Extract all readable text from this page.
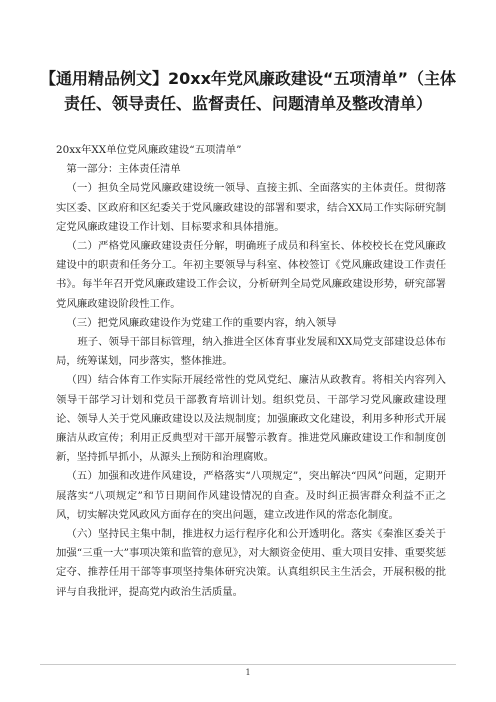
【通用精品例文】20xx年党风廉政建设“五项清单”（主体责任、领导责任、监督责任、问题清单及整改清单）

20xx年XX单位党风廉政建设“五项清单”

第一部分：主体责任清单

（一）担负全局党风廉政建设统一领导、直接主抓、全面落实的主体责任。贯彻落实区委、区政府和区纪委关于党风廉政建设的部署和要求，结合XX局工作实际研究制定党风廉政建设工作计划、目标要求和具体措施。

（二）严格党风廉政建设责任分解，明确班子成员和科室长、体校校长在党风廉政建设中的职责和任务分工。年初主要领导与科室、体校签订《党风廉政建设工作责任书》。每半年召开党风廉政建设工作会议，分析研判全局党风廉政建设形势，研究部署党风廉政建设阶段性工作。

（三）把党风廉政建设作为党建工作的重要内容，纳入领导

班子、领导干部目标管理，纳入推进全区体育事业发展和XX局党支部建设总体布局，统筹谋划，同步落实，整体推进。

（四）结合体育工作实际开展经常性的党风党纪、廉洁从政教育。将相关内容列入领导干部学习计划和党员干部教育培训计划。组织党员、干部学习党风廉政建设理论、领导人关于党风廉政建设以及法规制度；加强廉政文化建设，利用多种形式开展廉洁从政宣传；利用正反典型对干部开展警示教育。推进党风廉政建设工作和制度创新，坚持抓早抓小，从源头上预防和治理腐败。

（五）加强和改进作风建设，严格落实“八项规定”，突出解决“四风”问题，定期开展落实“八项规定”和节日期间作风建设情况的自查。及时纠正损害群众利益不正之风，切实解决党风政风方面存在的突出问题，建立改进作风的常态化制度。

（六）坚持民主集中制，推进权力运行程序化和公开透明化。落实《秦淮区委关于加强“三重一大”事项决策和监管的意见》，对大额资金使用、重大项目安排、重要奖惩定夺、推荐任用干部等事项坚持集体研究决策。认真组织民主生活会，开展积极的批评与自我批评，提高党内政治生活质量。

1
